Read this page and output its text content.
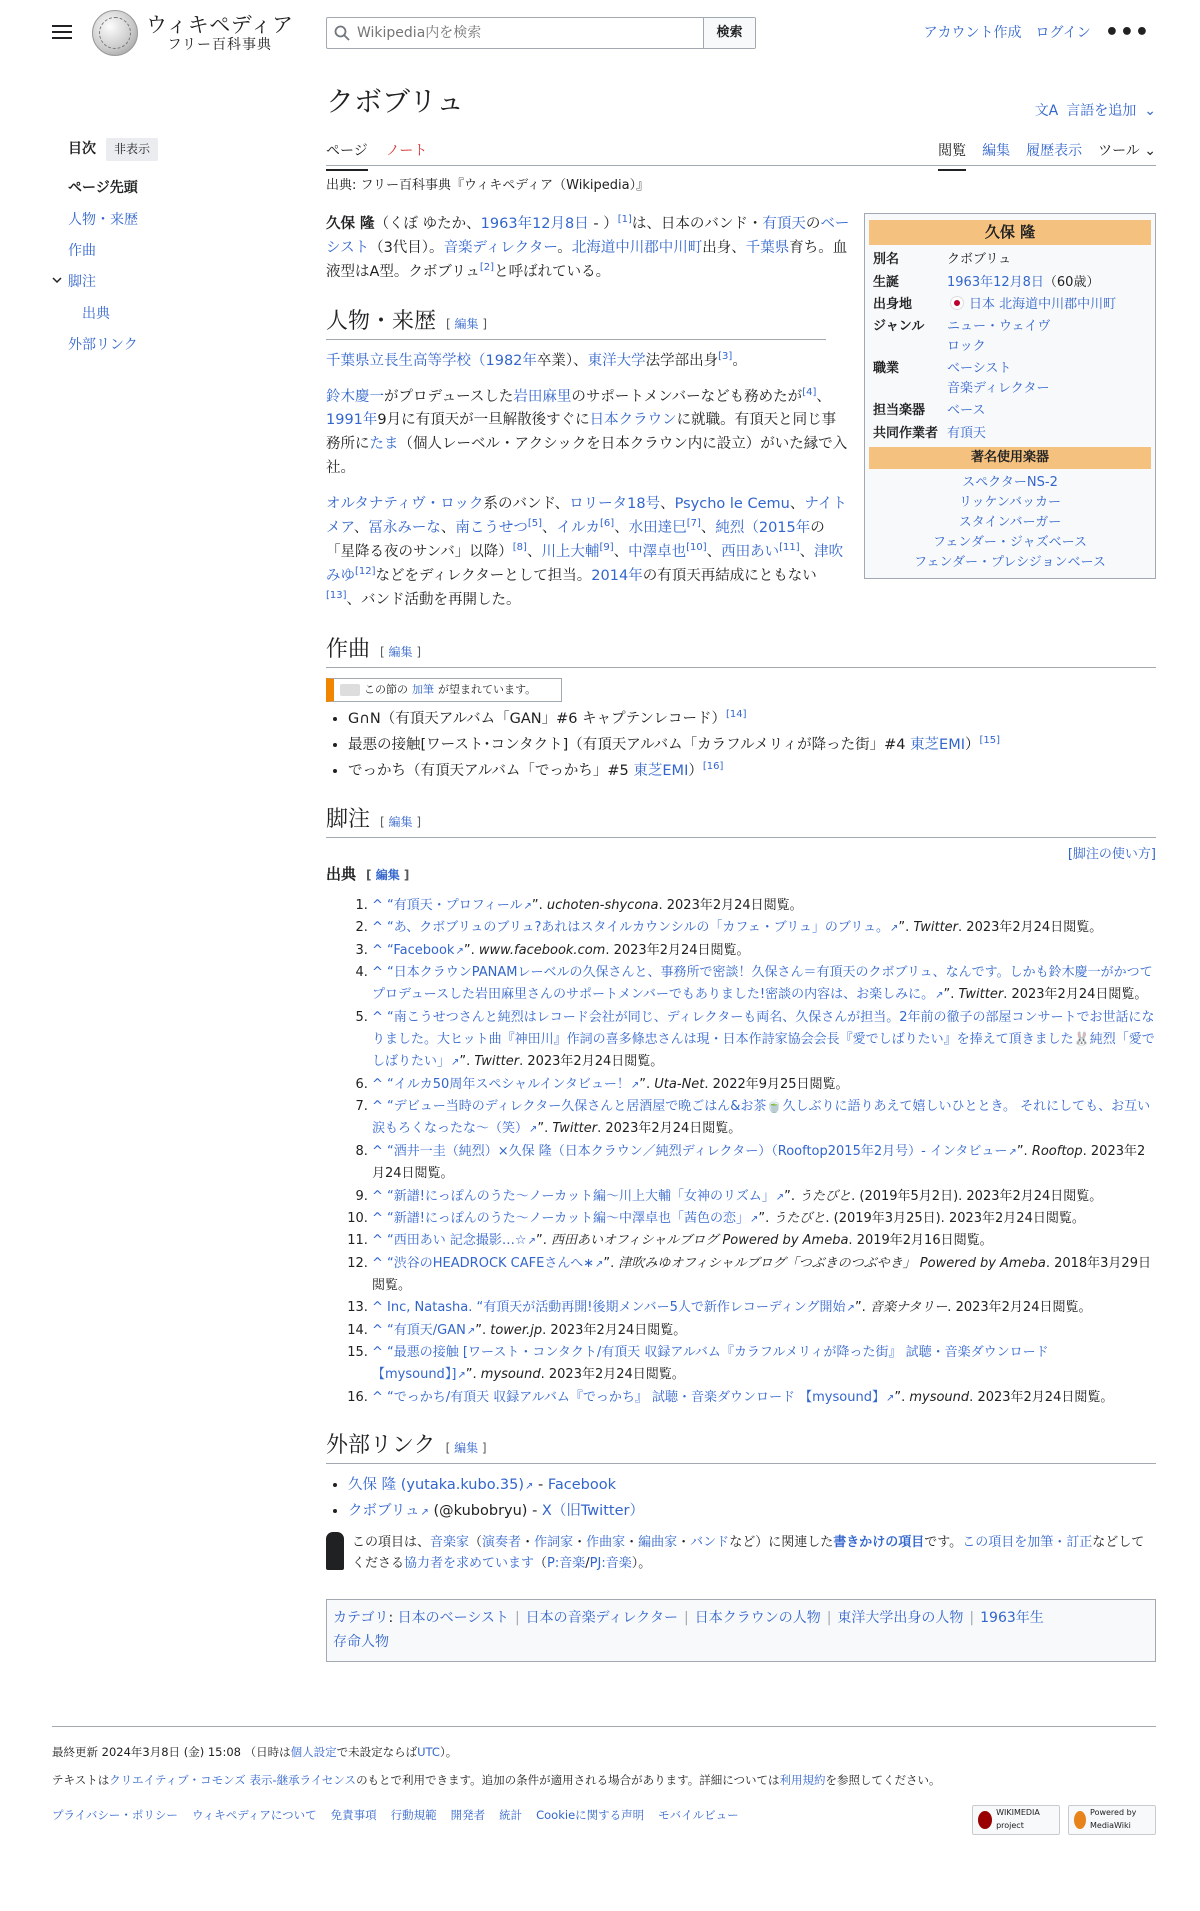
ウィキペディア
フリー百科事典
Wikipedia内を検索
検索	アカウント作成 ログイン •••
目次	非表示
ページ先頭
人物・来歴
作曲
脚注
出典
外部リンク
クボブリュ	文A 言語を追加 ⌄
ページ ノート	閲覧 編集 履歴表示 ツール ⌄
出典: フリー百科事典『ウィキペディア（Wikipedia）』
久保 隆
別名	クボブリュ
生誕	1963年12月8日（60歳）
出身地	日本 北海道中川郡中川町
ジャンル	ニュー・ウェイヴ
ロック
職業	ベーシスト
音楽ディレクター
担当楽器	ベース
共同作業者 有頂天
著名使用楽器
スペクターNS-2
リッケンバッカー
スタインバーガー
フェンダー・ジャズベース
フェンダー・プレシジョンベース

久保 隆（くぼ ゆたか、1963年12月8日 - ）[1]は、日本のバンド・有頂天のベーシスト（3代目）。音楽ディレクター。北海道中川郡中川町出身、千葉県育ち。血液型はA型。クボブリュ[2]と呼ばれている。

人物・来歴 [ 編集 ]

千葉県立長生高等学校（1982年卒業）、東洋大学法学部出身[3]。

鈴木慶一がプロデュースした岩田麻里のサポートメンバーなども務めたが[4]、1991年9月に有頂天が一旦解散後すぐに日本クラウンに就職。有頂天と同じ事務所にたま（個人レーベル・アクシックを日本クラウン内に設立）がいた縁で入社。

オルタナティヴ・ロック系のバンド、ロリータ18号、Psycho le Cemu、ナイトメア、冨永みーな、南こうせつ[5]、イルカ[6]、水田達巳[7]、純烈（2015年の「星降る夜のサンバ」以降）[8]、川上大輔[9]、中澤卓也[10]、西田あい[11]、津吹みゆ[12]などをディレクターとして担当。2014年の有頂天再結成にともない[13]、バンド活動を再開した。

作曲 [ 編集 ]
この節の 加筆 が望まれています。
• G∩N（有頂天アルバム「GAN」#6 キャプテンレコード）[14]
• 最悪の接触[ワースト･コンタクト]（有頂天アルバム「カラフルメリィが降った街」#4 東芝EMI）[15]
• でっかち（有頂天アルバム「でっかち」#5 東芝EMI）[16]
脚注 [ 編集 ]
[脚注の使い方]
出典 [ 編集 ]
1. ^ “有頂天・プロフィール ↗ ”. uchoten-shycona. 2023年2月24日閲覧。
2. ^ “あ、クボブリュのブリュ?あれはスタイルカウンシルの「カフェ・ブリュ」のブリュ。 ↗ ”. Twitter. 2023年2月24日閲覧。
3. ^ “Facebook ↗ ”. www.facebook.com. 2023年2月24日閲覧。
4. ^ “日本クラウンPANAMレーベルの久保さんと、事務所で密談！久保さん＝有頂天のクボブリュ、なんです。しかも鈴木慶一がかつてプロデュースした岩田麻里さんのサポートメンバーでもありました!密談の内容は、お楽しみに。 ↗ ”. Twitter. 2023年2月24日閲覧。
5. ^ “南こうせつさんと純烈はレコード会社が同じ、ディレクターも両名、久保さんが担当。2年前の徹子の部屋コンサートでお世話になりました。大ヒット曲『神田川』作詞の喜多條忠さんは現・日本作詩家協会会長『愛でしばりたい』を捧えて頂きました🐰純烈「愛でしばりたい」 ↗ ”. Twitter. 2023年2月24日閲覧。
6. ^ “イルカ50周年スペシャルインタビュー！ ↗ ”. Uta-Net. 2022年9月25日閲覧。
7. ^ “デビュー当時のディレクター久保さんと居酒屋で晩ごはん&お茶🍵久しぶりに語りあえて嬉しいひととき。 それにしても、お互い涙もろくなったな〜（笑） ↗ ”. Twitter. 2023年2月24日閲覧。
8. ^ “酒井一圭（純烈）×久保 隆（日本クラウン／純烈ディレクター）（Rooftop2015年2月号）- インタビュー ↗ ”. Rooftop. 2023年2月24日閲覧。
9. ^ “新譜!にっぽんのうた〜ノーカット編〜川上大輔「女神のリズム」 ↗ ”. うたびと. (2019年5月2日). 2023年2月24日閲覧。
10. ^ “新譜!にっぽんのうた〜ノーカット編〜中澤卓也「茜色の恋」 ↗ ”. うたびと. (2019年3月25日). 2023年2月24日閲覧。
11. ^ “西田あい 記念撮影…☆ ↗ ”. 西田あいオフィシャルブログ Powered by Ameba. 2019年2月16日閲覧。
12. ^ “渋谷のHEADROCK CAFEさんへ∗ ↗ ”. 津吹みゆオフィシャルブログ「つぶきのつぶやき」 Powered by Ameba. 2018年3月29日閲覧。
13. ^ Inc, Natasha. “有頂天が活動再開!後期メンバー5人で新作レコーディング開始 ↗ ”. 音楽ナタリー. 2023年2月24日閲覧。
14. ^ “有頂天/GAN ↗ ”. tower.jp. 2023年2月24日閲覧。
15. ^ “最悪の接触 [ワースト・コンタクト/有頂天 収録アルバム『カラフルメリィが降った街』 試聴・音楽ダウンロード 【mysound】] ↗ ”. mysound. 2023年2月24日閲覧。
16. ^ “でっかち/有頂天 収録アルバム『でっかち』 試聴・音楽ダウンロード 【mysound】 ↗ ”. mysound. 2023年2月24日閲覧。
外部リンク [ 編集 ]
• 久保 隆 (yutaka.kubo.35) ↗ - Facebook
• クボブリュ ↗ (@kubobryu) - X（旧Twitter）
この項目は、音楽家（演奏者・作詞家・作曲家・編曲家・バンドなど）に関連した書きかけの項目です。この項目を加筆・訂正などしてくださる協力者を求めています（P:音楽/PJ:音楽）。
カテゴリ: 日本のベーシスト | 日本の音楽ディレクター | 日本クラウンの人物 | 東洋大学出身の人物 | 1963年生
存命人物

最終更新 2024年3月8日 (金) 15:08 （日時は個人設定で未設定ならばUTC）。

テキストはクリエイティブ・コモンズ 表示-継承ライセンスのもとで利用できます。追加の条件が適用される場合があります。詳細については利用規約を参照してください。

プライバシー・ポリシー ウィキペディアについて 免責事項 行動規範 開発者 統計 Cookieに関する声明 モバイルビュー	WIKIMEDIA project
Powered by MediaWiki
